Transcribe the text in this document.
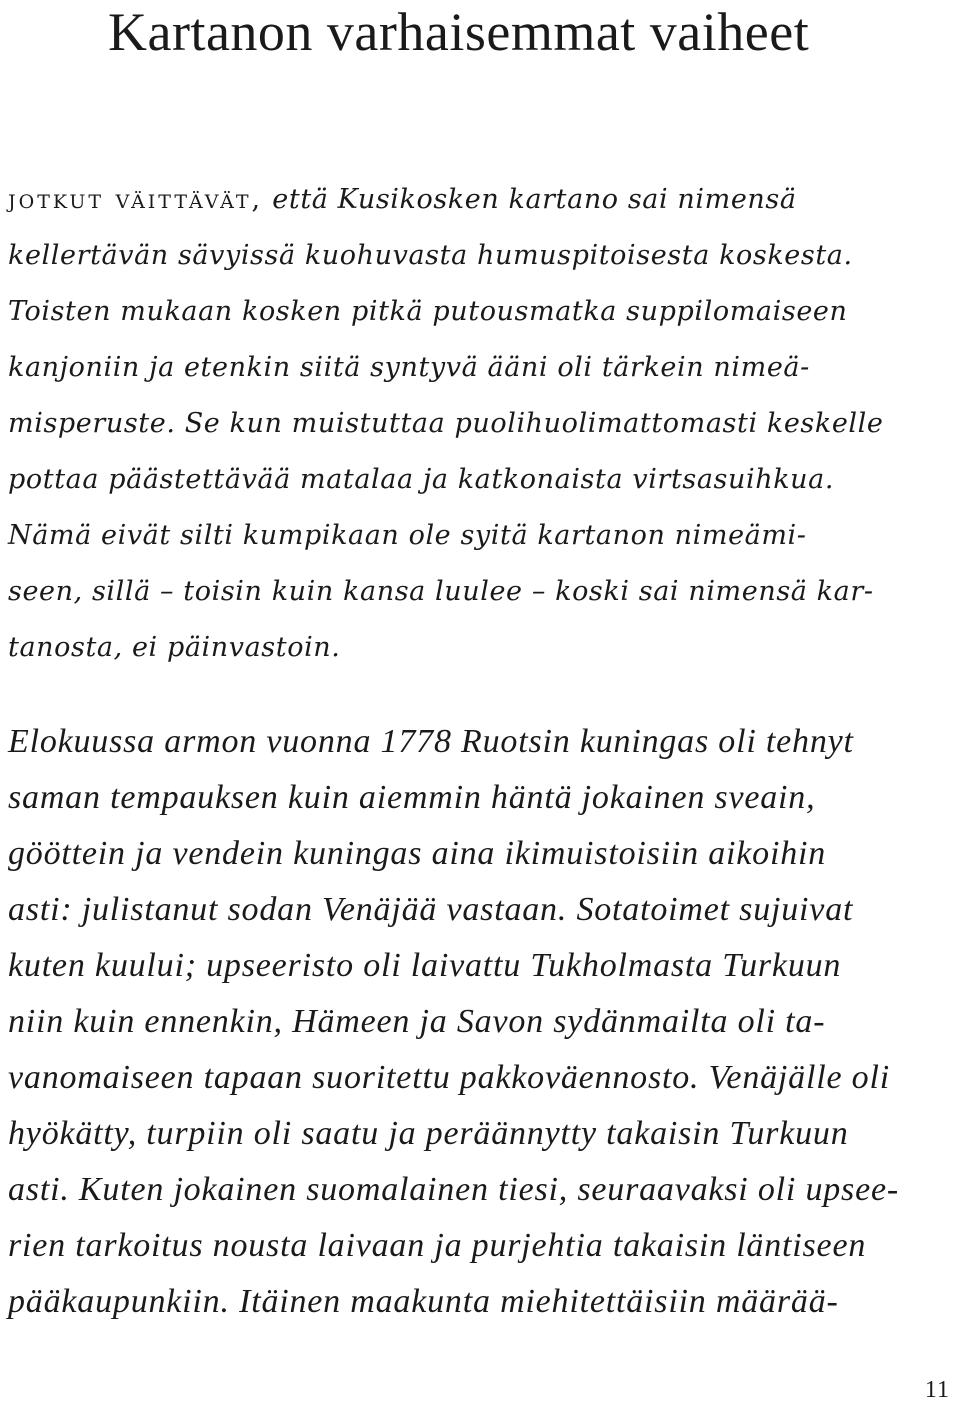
Kartanon varhaisemmat vaiheet
jotkut väittävät, että Kusikosken kartano sai nimensä
kellertävän sävyissä kuohuvasta humuspitoisesta koskesta.
Toisten mukaan kosken pitkä putousmatka suppilomaiseen
kanjoniin ja etenkin siitä syntyvä ääni oli tärkein nimeä-
misperuste. Se kun muistuttaa puolihuolimattomasti keskelle
pottaa päästettävää matalaa ja katkonaista virtsasuihkua.
Nämä eivät silti kumpikaan ole syitä kartanon nimeämi-
seen, sillä – toisin kuin kansa luulee – koski sai nimensä kar-
tanosta, ei päinvastoin.
Elokuussa armon vuonna 1778 Ruotsin kuningas oli tehnyt
saman tempauksen kuin aiemmin häntä jokainen sveain,
gööttein ja vendein kuningas aina ikimuistoisiin aikoihin
asti: julistanut sodan Venäjää vastaan. Sotatoimet sujuivat
kuten kuului; upseeristo oli laivattu Tukholmasta Turkuun
niin kuin ennenkin, Hämeen ja Savon sydänmailta oli ta-
vanomaiseen tapaan suoritettu pakkoväennosto. Venäjälle oli
hyökätty, turpiin oli saatu ja peräännytty takaisin Turkuun
asti. Kuten jokainen suomalainen tiesi, seuraavaksi oli upsee-
rien tarkoitus nousta laivaan ja purjehtia takaisin läntiseen
pääkaupunkiin. Itäinen maakunta miehitettäisiin määrää-
11
